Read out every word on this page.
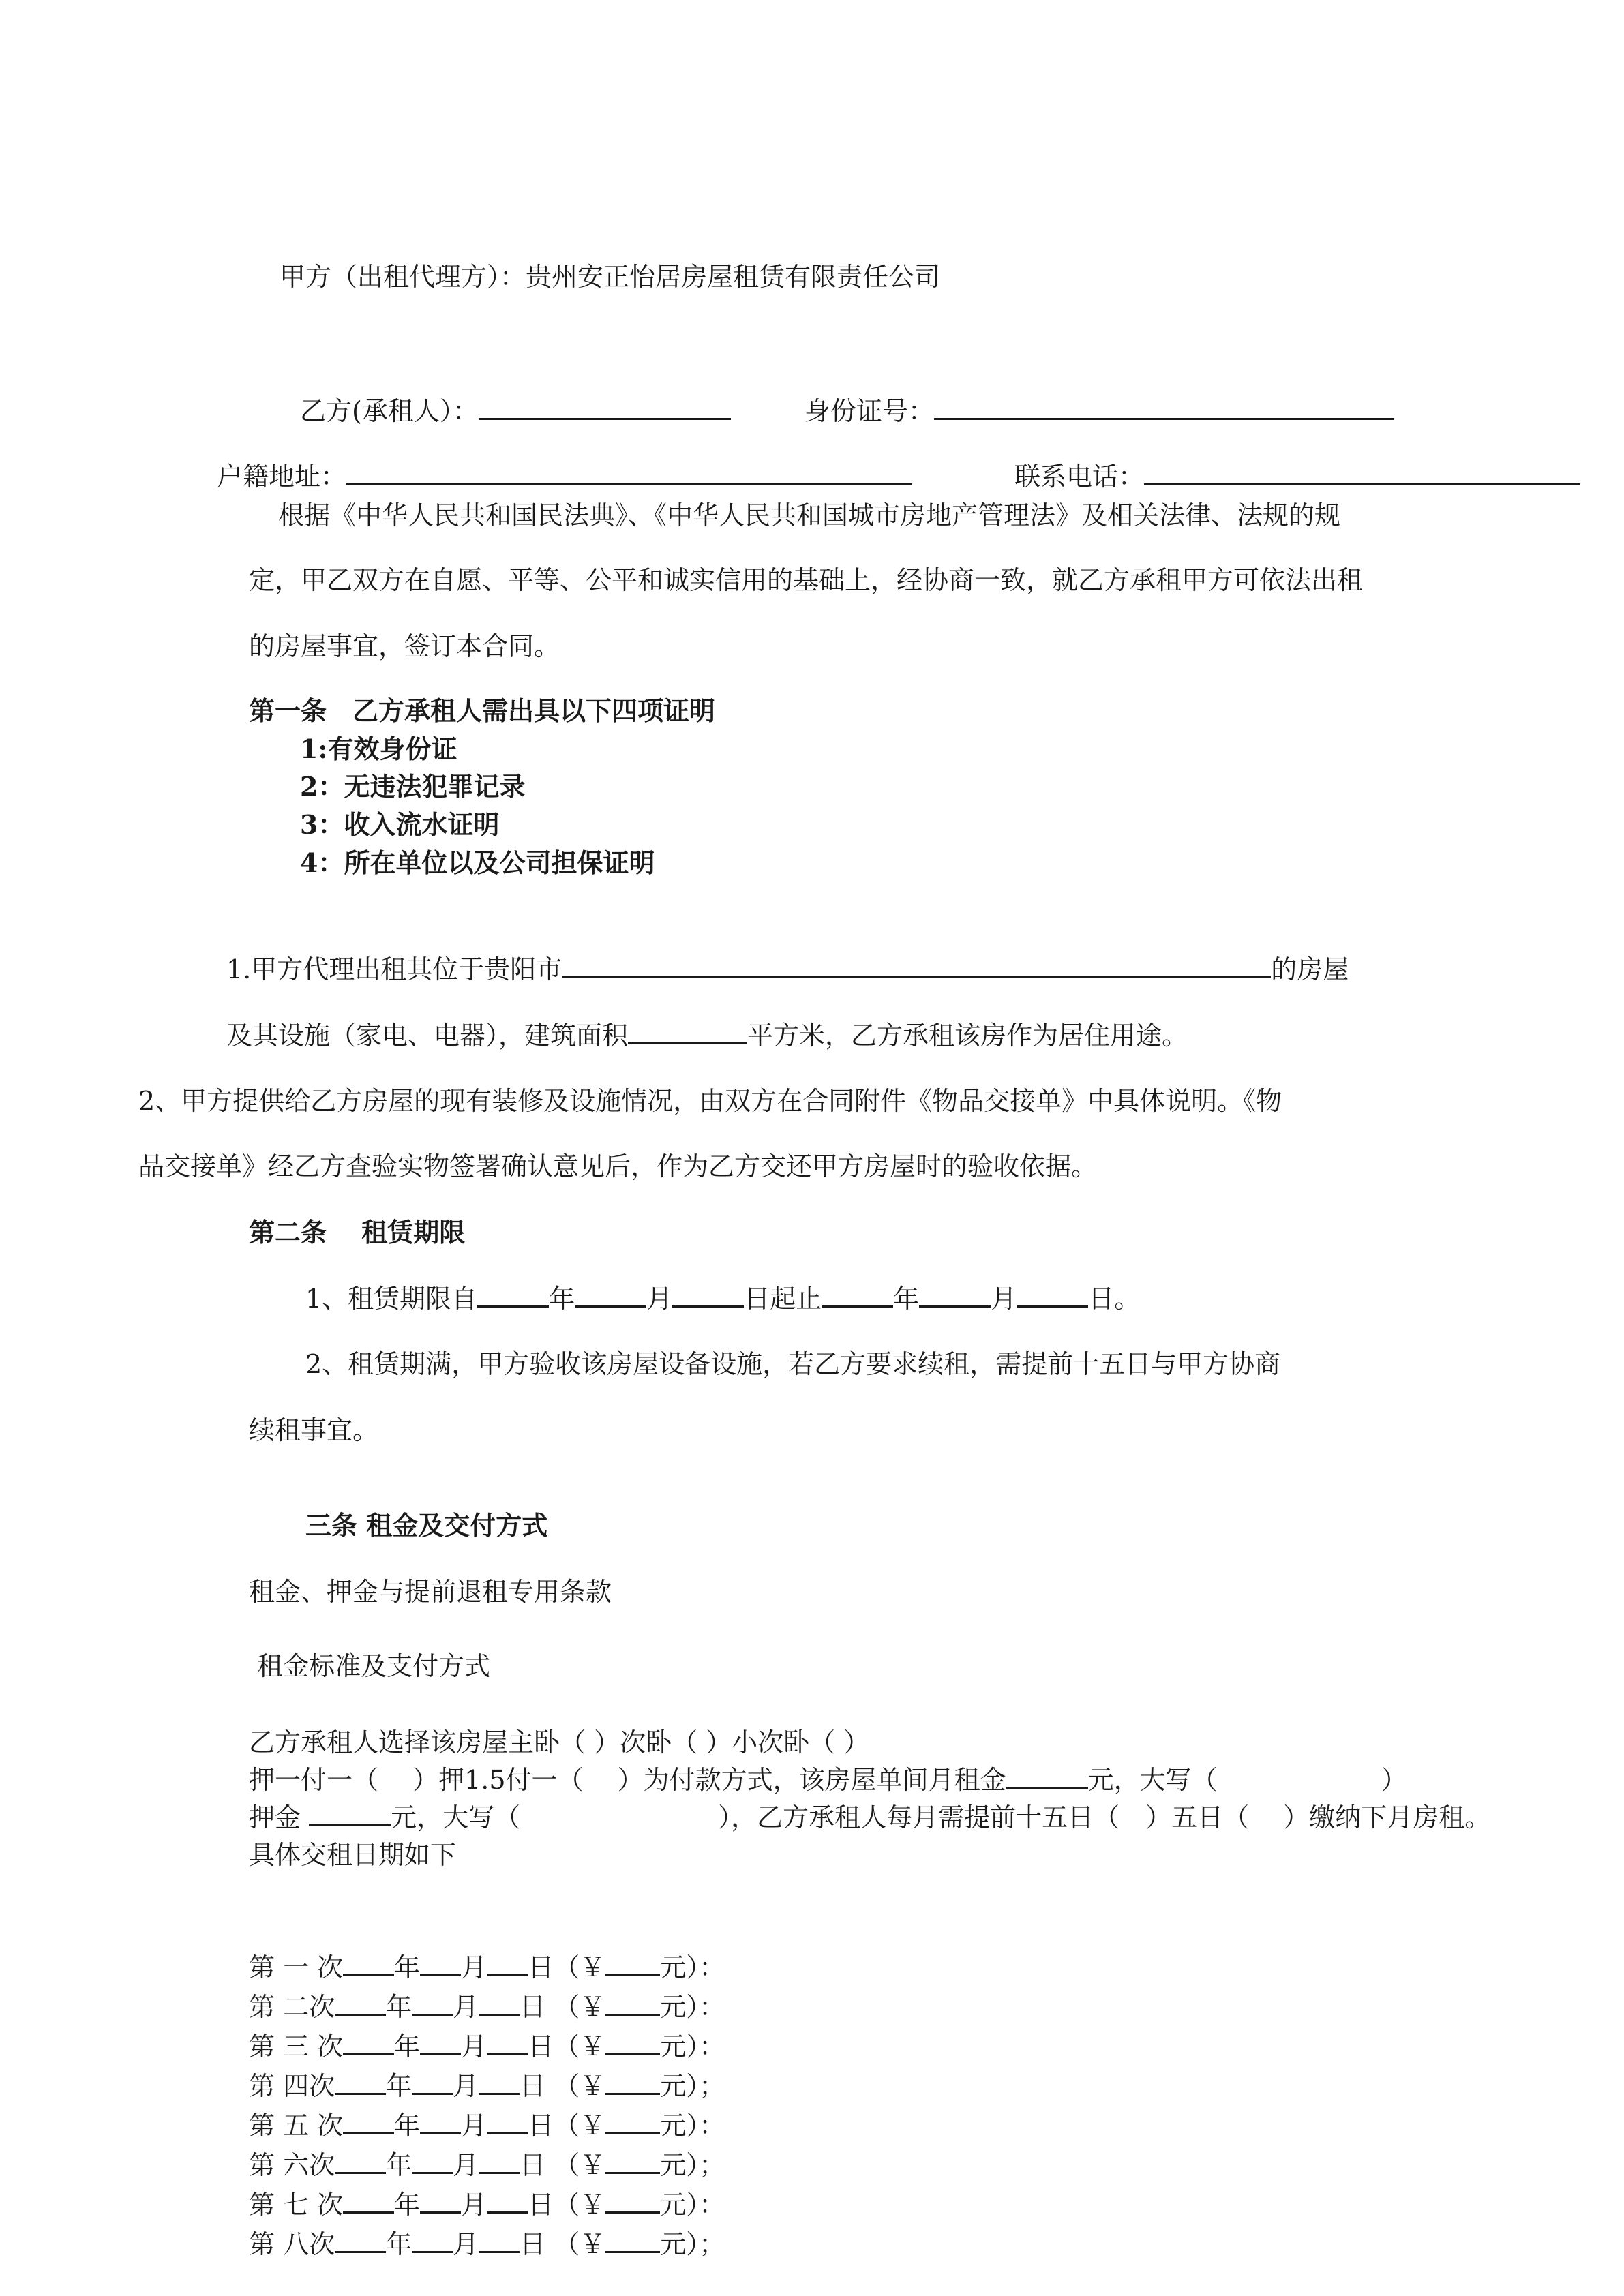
甲方（出租代理方）：贵州安正怡居房屋租赁有限责任公司
乙方(承租人）：	身份证号：
户籍地址：	联系电话：
根据《中华人民共和国民法典》、《中华人民共和国城市房地产管理法》及相关法律、法规的规
定，甲乙双方在自愿、平等、公平和诚实信用的基础上，经协商一致，就乙方承租甲方可依法出租
的房屋事宜，签订本合同。
第一条　乙方承租人需出具以下四项证明
1:有效身份证
2：无违法犯罪记录
3：收入流水证明
4：所在单位以及公司担保证明
1.甲方代理出租其位于贵阳市	的房屋
及其设施（家电、电器），建筑面积	平方米，乙方承租该房作为居住用途。
2、甲方提供给乙方房屋的现有装修及设施情况，由双方在合同附件《物品交接单》中具体说明。《物
品交接单》经乙方查验实物签署确认意见后，作为乙方交还甲方房屋时的验收依据。
第二条　 租赁期限
1、租赁期限自	年	月	日起止	年	月	日。
2、租赁期满，甲方验收该房屋设备设施，若乙方要求续租，需提前十五日与甲方协商
续租事宜。
三条 租金及交付方式
租金、押金与提前退租专用条款
租金标准及支付方式
乙方承租人选择该房屋主卧（ ）次卧（ ）小次卧（ ）
押一付一（　 ）押1.5付一（　 ）为付款方式，该房屋单间月租金	元，大写（	）
押金	元，大写（	），乙方承租人每月需提前十五日（　）五日（　 ）缴纳下月房租。
具体交租日期如下
第 一 次 年 月 日（￥ 元）：
第 二次 年 月 日 （￥ 元）：
第 三 次 年 月 日（￥ 元）：
第 四次 年 月 日 （￥ 元）；
第 五 次 年 月 日（￥ 元）：
第 六次 年 月 日 （￥ 元）；
第 七 次 年 月 日（￥ 元）：
第 八次 年 月 日 （￥ 元）；
